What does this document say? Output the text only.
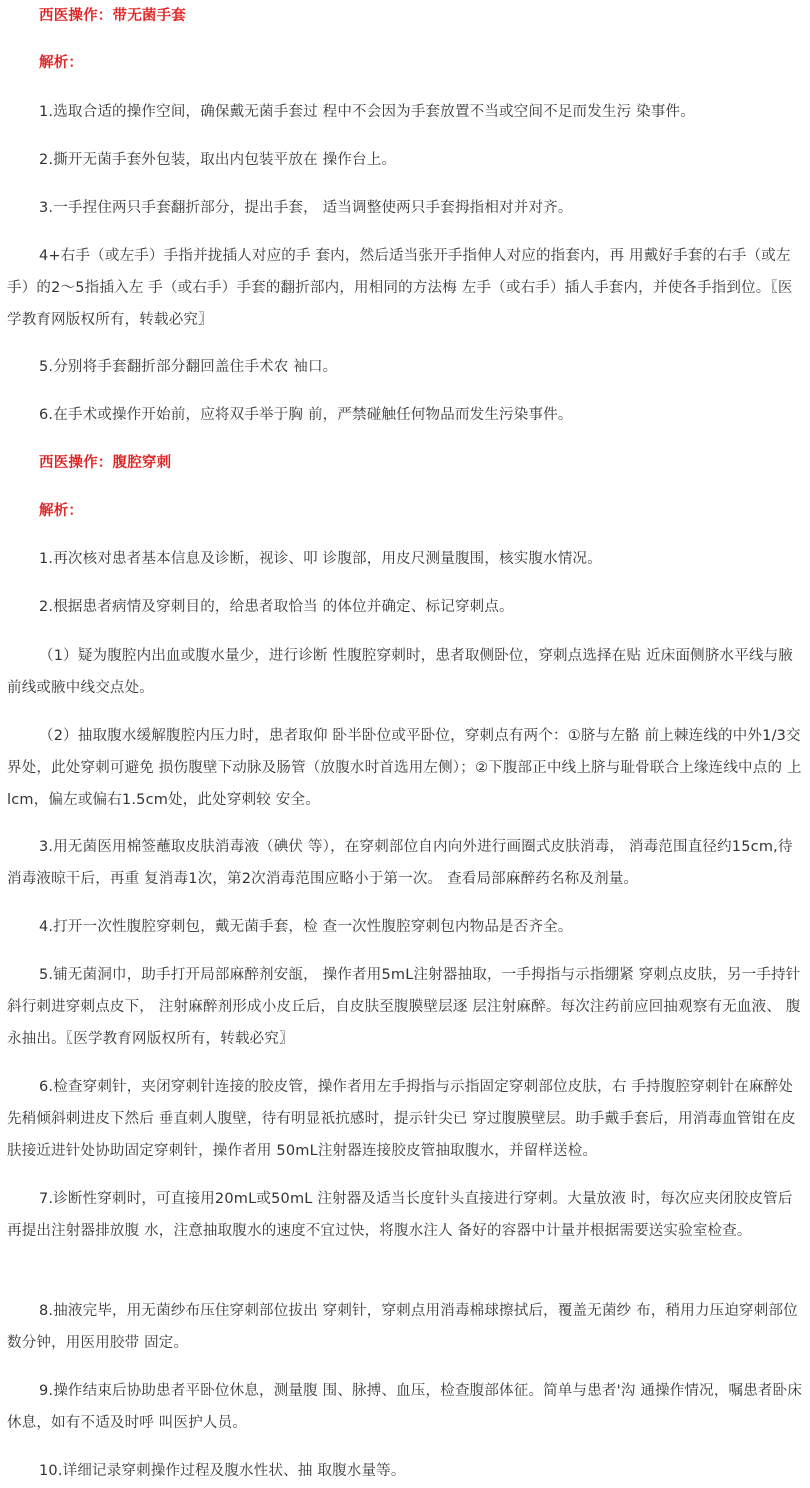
西医操作：带无菌手套

解析：

1.选取合适的操作空间，确保戴无菌手套过 程中不会因为手套放置不当或空间不足而发生污 染事件。

2.撕开无菌手套外包装，取出内包装平放在 操作台上。

3.一手捏住两只手套翻折部分，提出手套， 适当调整使两只手套拇指相对并对齐。

4+右手（或左手）手指并拢插人对应的手 套内，然后适当张开手指伸人对应的指套内，再 用戴好手套的右手（或左手）的2〜5指插入左 手（或右手）手套的翻折部内，用相同的方法梅 左手（或右手）插人手套内，并使各手指到位。〖医学教育网版权所有，转载必究〗

5.分别将手套翻折部分翻回盖住手术农 袖口。

6.在手术或操作开始前，应将双手举于胸 前，严禁碰触任何物品而发生污染事件。

西医操作：腹腔穿刺

解析：

1.再次核对患者基本信息及诊断，视诊、叩 诊腹部，用皮尺测量腹围，核实腹水情况。

2.根据患者病情及穿刺目的，给患者取恰当 的体位并确定、标记穿刺点。

（1）疑为腹腔内出血或腹水量少，进行诊断 性腹腔穿刺时，患者取侧卧位，穿刺点选择在贴 近床面侧脐水平线与腋前线或腋中线交点处。

（2）抽取腹水缓解腹腔内压力时，患者取仰 卧半卧位或平卧位，穿刺点有两个：①脐与左骼 前上棘连线的中外1/3交界处，此处穿刺可避免 损伤腹壁下动脉及肠管（放腹水时首选用左侧）；②下腹部正中线上脐与耻骨联合上缘连线中点的 上lcm，偏左或偏右1.5cm处，此处穿刺较 安全。

3.用无菌医用棉签蘸取皮肤消毒液（碘伏 等），在穿刺部位自内向外进行画圈式皮肤消毒， 消毒范围直径约15cm,待消毒液晾干后，再重 复消毒1次，第2次消毒范围应略小于第一次。 查看局部麻醉药名称及剂量。

4.打开一次性腹腔穿刺包，戴无菌手套，检 查一次性腹腔穿刺包内物品是否齐全。

5.铺无菌洞巾，助手打开局部麻醉剂安瓿， 操作者用5mL注射器抽取，一手拇指与示指绷紧 穿刺点皮肤，另一手持针斜行刺进穿刺点皮下， 注射麻醉剂形成小皮丘后，自皮肤至腹膜壁层逐 层注射麻醉。每次注药前应回抽观察有无血液、 腹永抽出。〖医学教育网版权所有，转载必究〗

6.检查穿刺针，夹闭穿刺针连接的胶皮管，操作者用左手拇指与示指固定穿刺部位皮肤，右 手持腹腔穿刺针在麻醉处先稍倾斜刺进皮下然后 垂直刺人腹壁，待有明显祇抗感时，提示针尖已 穿过腹膜壁层。助手戴手套后，用消毒血管钳在皮肤接近进针处协助固定穿刺针，操作者用 50mL注射器连接胶皮管抽取腹水，并留样送检。

7.诊断性穿刺时，可直接用20mL或50mL 注射器及适当长度针头直接进行穿刺。大量放液 时，每次应夹闭胶皮管后再提出注射器排放腹 水，注意抽取腹水的速度不宜过快，将腹水注人 备好的容器中计量并根据需要送实验室检查。

8.抽液完毕，用无菌纱布压住穿刺部位拔出 穿刺针，穿刺点用消毒棉球擦拭后，覆盖无菌纱 布，稍用力压迫穿刺部位数分钟，用医用胶带 固定。

9.操作结束后协助患者平卧位休息，测量腹 围、脉搏、血压，检查腹部体征。简单与患者'沟 通操作情况，嘱患者卧床休息，如有不适及时呼 叫医护人员。

10.详细记录穿刺操作过程及腹水性状、抽 取腹水量等。
